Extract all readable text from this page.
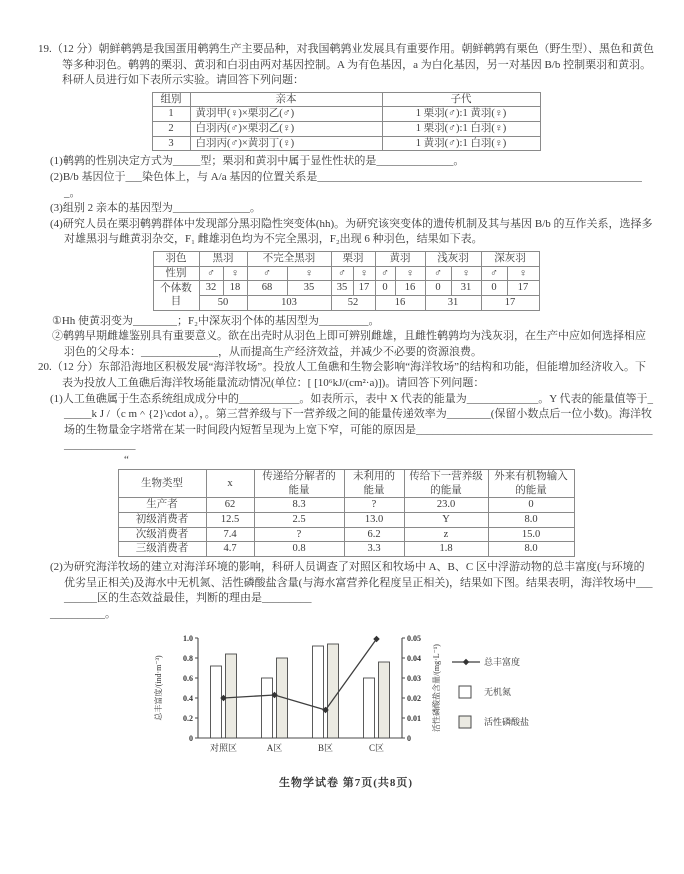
19.（12 分）朝鲜鹌鹑是我国蛋用鹌鹑生产主要品种，对我国鹌鹑业发展具有重要作用。朝鲜鹌鹑有栗色（野生型）、黑色和黄色等多种羽色。鹌鹑的栗羽、黄羽和白羽由两对基因控制。A 为有色基因，a 为白化基因，另一对基因 B/b 控制栗羽和黄羽。科研人员进行如下表所示实验。请回答下列问题：

组别	亲本	子代
1	黄羽甲(♀)×栗羽乙(♂)	1 栗羽(♂):1 黄羽(♀)
2	白羽丙(♂)×栗羽乙(♀)	1 栗羽(♂):1 白羽(♀)
3	白羽丙(♂)×黄羽丁(♀)	1 黄羽(♂):1 白羽(♀)

(1)鹌鹑的性别决定方式为_____型；栗羽和黄羽中属于显性性状的是______________。

(2)B/b 基因位于___染色体上，与 A/a 基因的位置关系是____________________________________________________________。

(3)组别 2 亲本的基因型为______________。

(4)研究人员在栗羽鹌鹑群体中发现部分黑羽隐性突变体(hh)。为研究该突变体的遗传机制及其与基因 B/b 的互作关系，选择多对雄黑羽与雌黄羽杂交，F₁ 雌雄羽色均为不完全黑羽，F₂出现 6 种羽色，结果如下表。

羽色	黑羽		不完全黑羽		栗羽		黄羽		浅灰羽		深灰羽	
性别	♂	♀	♂	♀	♂	♀	♂	♀	♂	♀	♂	♀
个体数目	32	18	68	35	35	17	0	16	0	31	0	17
	50		103		52		16		31		17	

①Hh 使黄羽变为________；F₂中深灰羽个体的基因型为_________。

②鹌鹑早期雌雄鉴别具有重要意义。欲在出壳时从羽色上即可辨别雌雄，且雌性鹌鹑均为浅灰羽，在生产中应如何选择相应羽色的父母本：______________，从而提高生产经济效益，并减少不必要的资源浪费。

20.（12 分）东部沿海地区积极发展“海洋牧场”。投放人工鱼礁和生物会影响“海洋牧场”的结构和功能，但能增加经济收入。下表为投放人工鱼礁后海洋牧场能量流动情况(单位：[ [10⁶kJ/(cm²·a)])。请回答下列问题：

(1)人工鱼礁属于生态系统组成成分中的___________。如表所示，表中 X 代表的能量为_____________。Y 代表的能量值等于______k J /（c m＾{2}\cdot a），。第三营养级与下一营养级之间的能量传递效率为________(保留小数点后一位小数)。海洋牧场的生物量金字塔常在某一时间段内短暂呈现为上宽下窄，可能的原因是________________________________________________________

“

生物类型	x	传递给分解者的能量	未利用的能量	传给下一营养级的能量	外来有机物输入的能量
生产者	62	8.3	?	23.0	0
初级消费者	12.5	2.5	13.0	Y	8.0
次级消费者	7.4	?	6.2	z	15.0
三级消费者	4.7	0.8	3.3	1.8	8.0

(2)为研究海洋牧场的建立对海洋环境的影响，科研人员调查了对照区和牧场中 A、B、C 区中浮游动物的总丰富度(与环境的优劣呈正相关)及海水中无机氮、活性磷酸盐含量(与海水富营养化程度呈正相关)，结果如下图。结果表明，海洋牧场中_________区的生态效益最佳，判断的理由是_________

__________。

0
0.2
0.4
0.6
0.8
1.0
0
0.01
0.02
0.03
0.04
0.05
总丰富度/(ind·m⁻³)	活性磷酸盐含量/(mg·L⁻¹)
对照区	A区	B区	C区
总丰富度
无机氮
活性磷酸盐
生物学试卷 第7页(共8页)
